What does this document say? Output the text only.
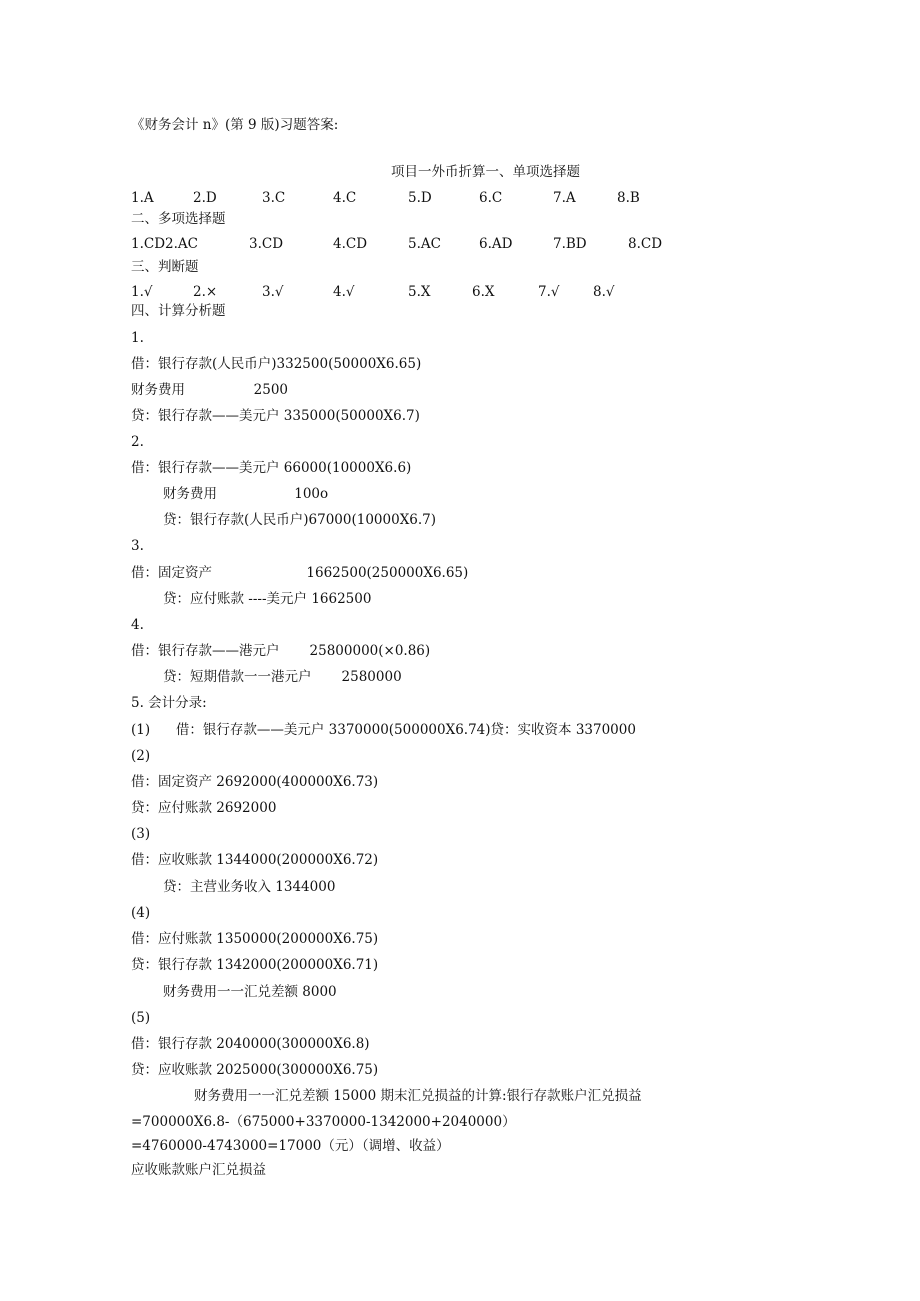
《财务会计 n》(第 9 版)习题答案:
项目一外币折算一、单项选择题

1.A

	2.D

	3.C

	4.C

	5.D

	6.C

	7.A

	8.B

二、多项选择题

1.CD2.AC

	3.CD

	4.CD

	5.AC

	6.AD

	7.BD

	8.CD

三、判断题

1.√

	2.×

	3.√

	4.√

	5.X

	6.X

	7.√

8.√

四、计算分析题
1.
借：银行存款(人民币户)332500(50000X6.65)
财务费用                2500
贷：银行存款——美元户 335000(50000X6.7)
2.
借：银行存款——美元户 66000(10000X6.6)
财务费用                  100o
贷：银行存款(人民币户)67000(10000X6.7)
3.
借：固定资产                      1662500(250000X6.65)
贷：应付账款 ----美元户 1662500
4.
借：银行存款——港元户       25800000(×0.86)
贷：短期借款一一港元户       2580000
5. 会计分录:
(1)      借：银行存款——美元户 3370000(500000X6.74)贷：实收资本 3370000
(2)
借：固定资产 2692000(400000X6.73)
贷：应付账款 2692000
(3)
借：应收账款 1344000(200000X6.72)
贷：主营业务收入 1344000
(4)
借：应付账款 1350000(200000X6.75)
贷：银行存款 1342000(200000X6.71)
财务费用一一汇兑差额 8000
(5)
借：银行存款 2040000(300000X6.8)
贷：应收账款 2025000(300000X6.75)
财务费用一一汇兑差额 15000 期末汇兑损益的计算:银行存款账户汇兑损益
=700000X6.8-（675000+3370000-1342000+2040000）
=4760000-4743000=17000（元）（调增、收益）
应收账款账户汇兑损益
